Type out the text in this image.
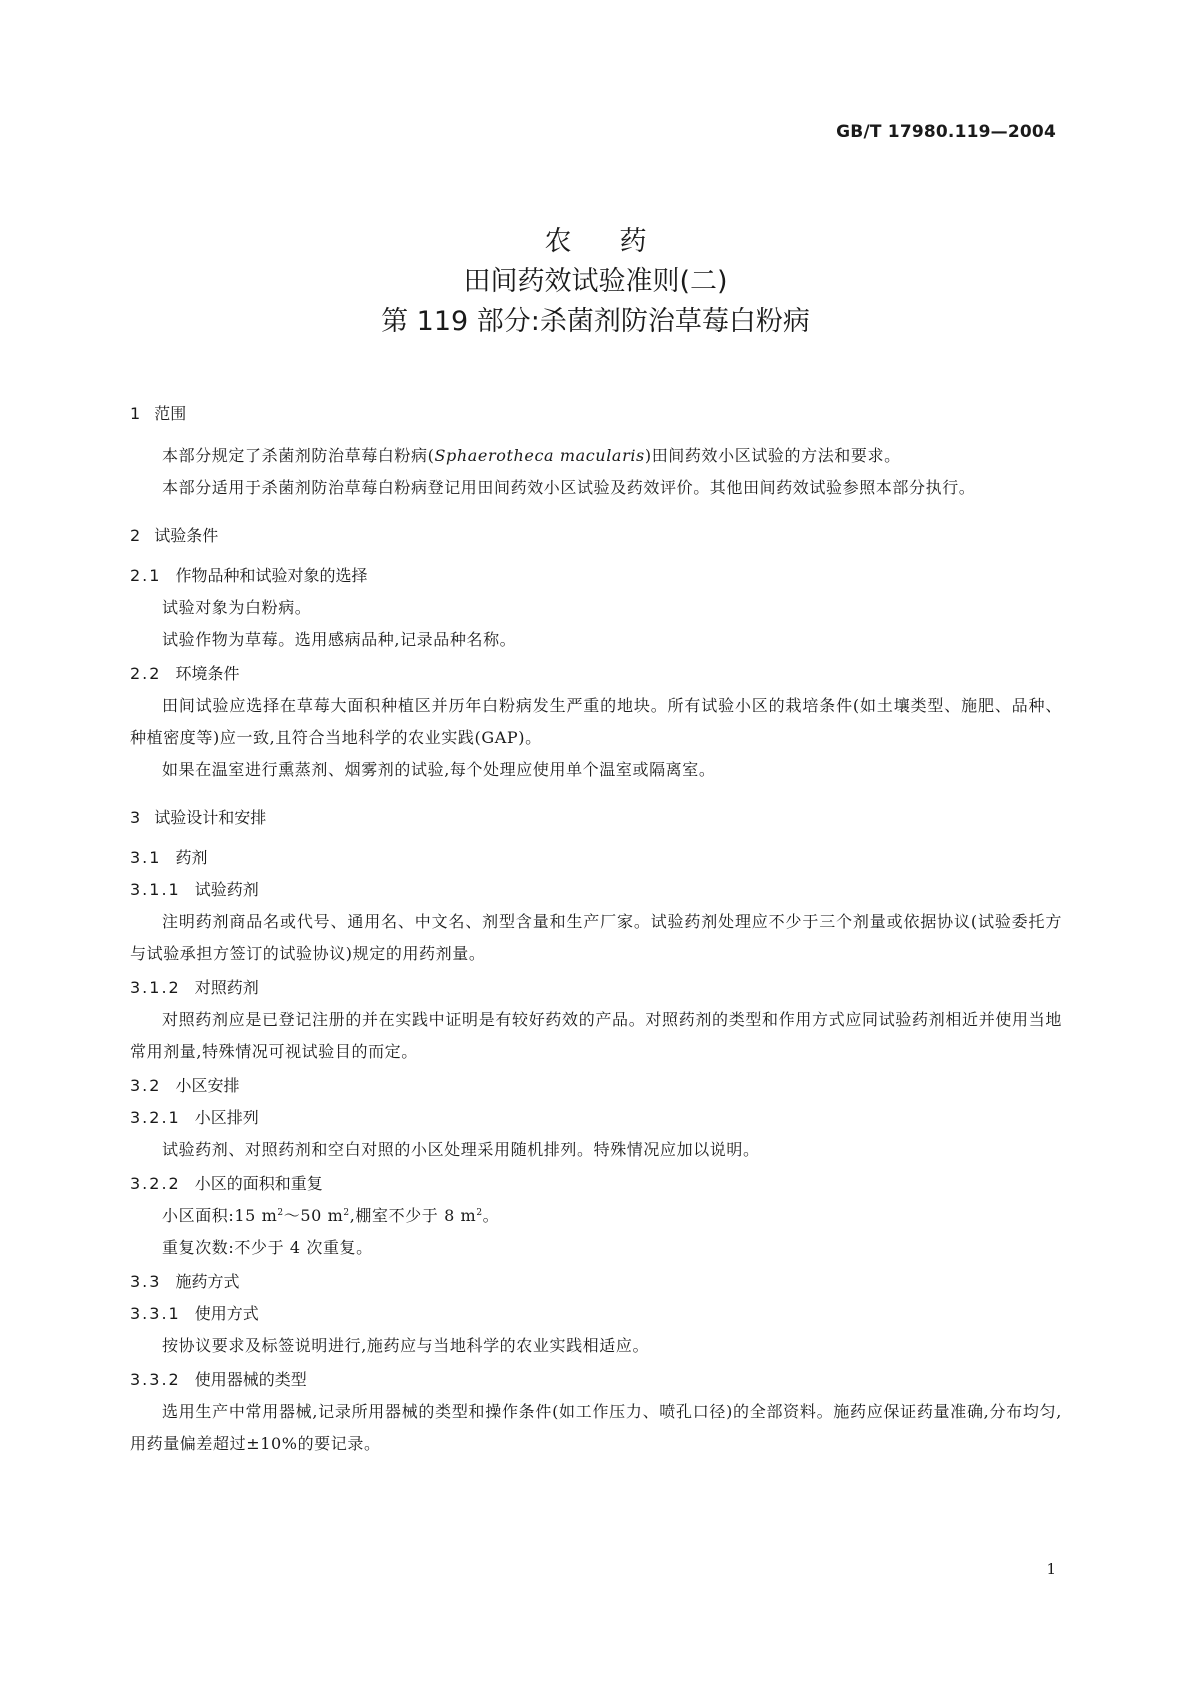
GB/T 17980.119—2004
农药
田间药效试验准则(二)
第 119 部分:杀菌剂防治草莓白粉病
1 范围

本部分规定了杀菌剂防治草莓白粉病(Sphaerotheca macularis)田间药效小区试验的方法和要求。

本部分适用于杀菌剂防治草莓白粉病登记用田间药效小区试验及药效评价。其他田间药效试验参照本部分执行。

2 试验条件
2.1 作物品种和试验对象的选择

试验对象为白粉病。

试验作物为草莓。选用感病品种,记录品种名称。

2.2 环境条件

田间试验应选择在草莓大面积种植区并历年白粉病发生严重的地块。所有试验小区的栽培条件(如土壤类型、施肥、品种、种植密度等)应一致,且符合当地科学的农业实践(GAP)。

如果在温室进行熏蒸剂、烟雾剂的试验,每个处理应使用单个温室或隔离室。

3 试验设计和安排
3.1 药剂
3.1.1 试验药剂

注明药剂商品名或代号、通用名、中文名、剂型含量和生产厂家。试验药剂处理应不少于三个剂量或依据协议(试验委托方与试验承担方签订的试验协议)规定的用药剂量。

3.1.2 对照药剂

对照药剂应是已登记注册的并在实践中证明是有较好药效的产品。对照药剂的类型和作用方式应同试验药剂相近并使用当地常用剂量,特殊情况可视试验目的而定。

3.2 小区安排
3.2.1 小区排列

试验药剂、对照药剂和空白对照的小区处理采用随机排列。特殊情况应加以说明。

3.2.2 小区的面积和重复

小区面积:15 $m^2\sim 50$ $m^2$,棚室不少于 8 $m^2$。

重复次数:不少于 4 次重复。

3.3 施药方式
3.3.1 使用方式

按协议要求及标签说明进行,施药应与当地科学的农业实践相适应。

3.3.2 使用器械的类型

选用生产中常用器械,记录所用器械的类型和操作条件(如工作压力、喷孔口径)的全部资料。施药应保证药量准确,分布均匀,用药量偏差超过±10%的要记录。

1
